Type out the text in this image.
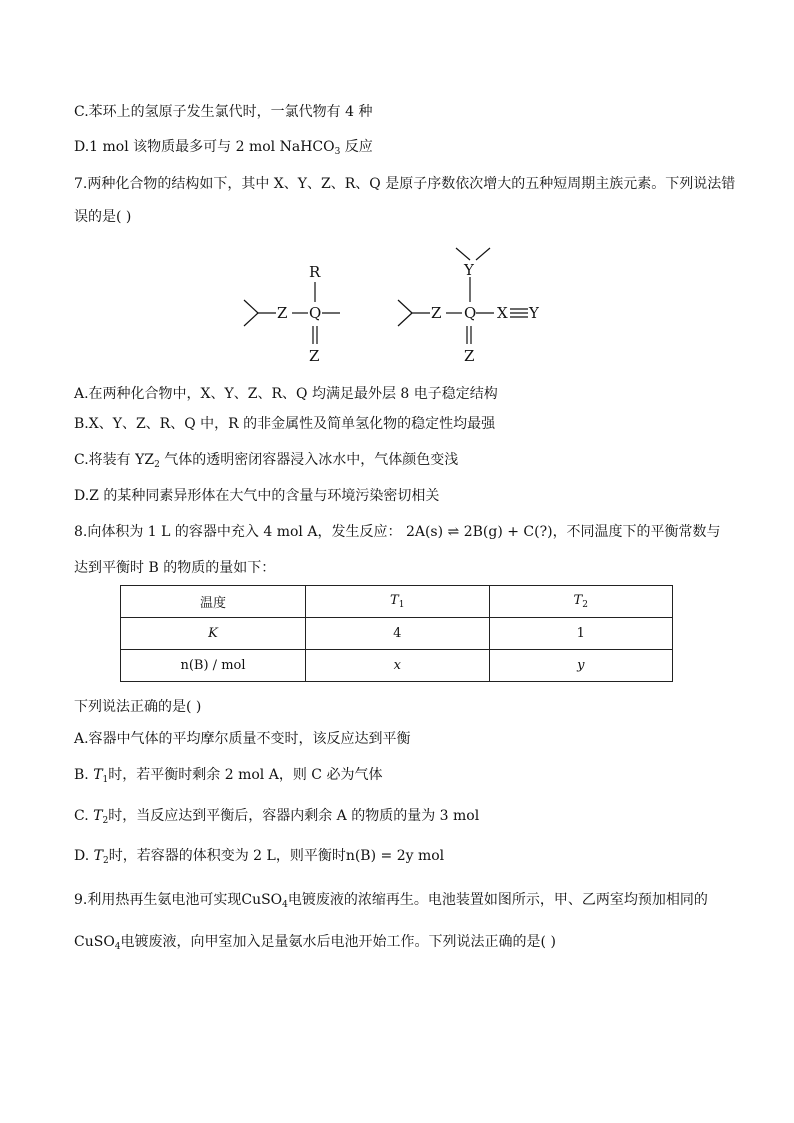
C.苯环上的氢原子发生氯代时，一氯代物有 4 种
D.1 mol 该物质最多可与 2 mol NaHCO$_3$ 反应
7.两种化合物的结构如下，其中 X、Y、Z、R、Q 是原子序数依次增大的五种短周期主族元素。下列说法错
误的是( )
R
Z Q
Z
Y
Z Q X Y
Z
A.在两种化合物中，X、Y、Z、R、Q 均满足最外层 8 电子稳定结构
B.X、Y、Z、R、Q 中，R 的非金属性及简单氢化物的稳定性均最强
C.将装有 $YZ_2$ 气体的透明密闭容器浸入冰水中，气体颜色变浅
D.Z 的某种同素异形体在大气中的含量与环境污染密切相关
8.向体积为 1 L 的容器中充入 4 mol A，发生反应： 2A(s) ⇌ 2B(g) + C(?)，不同温度下的平衡常数与
达到平衡时 B 的物质的量如下：
温度	$T_1$	$T_2$
K	4	1
n(B) / mol	x	y
下列说法正确的是( )
A.容器中气体的平均摩尔质量不变时，该反应达到平衡
B. $T_1$时，若平衡时剩余 2 mol A，则 C 必为气体
C. $T_2$时，当反应达到平衡后，容器内剩余 A 的物质的量为 3 mol
D. $T_2$时，若容器的体积变为 2 L，则平衡时n(B) = 2y mol
9.利用热再生氨电池可实现CuSO$_4$电镀废液的浓缩再生。电池装置如图所示，甲、乙两室均预加相同的
CuSO$_4$电镀废液，向甲室加入足量氨水后电池开始工作。下列说法正确的是( )
